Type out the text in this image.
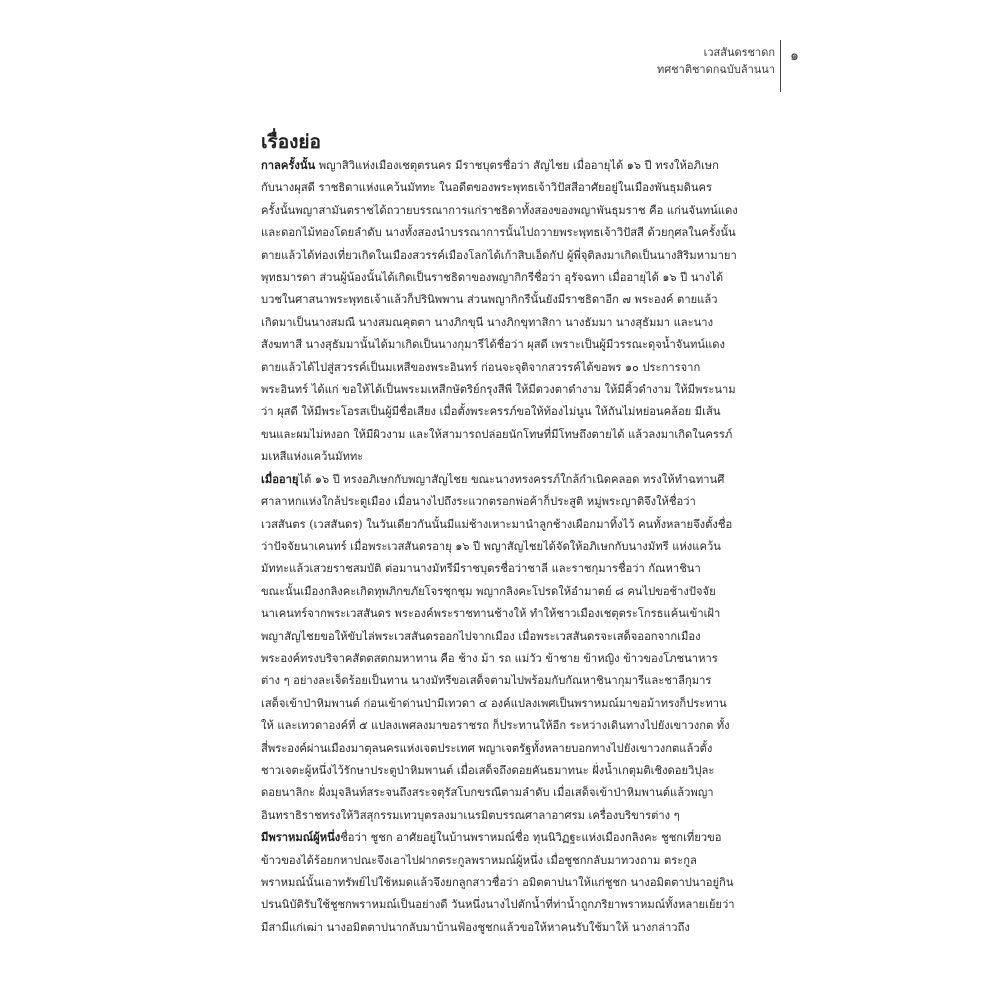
เวสสันดรชาดก
ทศชาติชาดกฉบับล้านนา
๑
เรื่องย่อ
กาลครั้งนั้น พญาสิวิแห่งเมืองเชตุตรนคร มีราชบุตรชื่อว่า สัญไชย เมื่ออายุได้ ๑๖ ปี ทรงให้อภิเษก
กับนางผุสดี ราชธิดาแห่งแคว้นมัททะ ในอดีตของพระพุทธเจ้าวิปัสสีอาศัยอยู่ในเมืองพันธุมดินคร
ครั้งนั้นพญาสามันตราชได้ถวายบรรณาการแก่ราชธิดาทั้งสองของพญาพันธุมราช คือ แก่นจันทน์แดง
และดอกไม้ทองโดยลำดับ นางทั้งสองนำบรรณาการนั้นไปถวายพระพุทธเจ้าวิปัสสี ด้วยกุศลในครั้งนั้น
ตายแล้วได้ท่องเที่ยวเกิดในเมืองสวรรค์เมืองโลกได้เก้าสิบเอ็ดกัป ผู้พี่จุติลงมาเกิดเป็นนางสิริมหามายา
พุทธมารดา ส่วนผู้น้องนั้นได้เกิดเป็นราชธิดาของพญากิกรีชื่อว่า อุรัจฉทา เมื่ออายุได้ ๑๖ ปี นางได้
บวชในศาสนาพระพุทธเจ้าแล้วก็ปรินิพพาน ส่วนพญากิกรีนั้นยังมีราชธิดาอีก ๗ พระองค์ ตายแล้ว
เกิดมาเป็นนางสมณี นางสมณคุตตา นางภิกขุนี นางภิกขุทาสิกา นางธัมมา นางสุธัมมา และนาง
สังฆทาสี นางสุธัมมานั้นได้มาเกิดเป็นนางกุมารีได้ชื่อว่า ผุสดี เพราะเป็นผู้มีวรรณะดุจน้ำจันทน์แดง
ตายแล้วได้ไปสู่สวรรค์เป็นมเหสีของพระอินทร์ ก่อนจะจุติจากสวรรค์ได้ขอพร ๑๐ ประการจาก
พระอินทร์ ได้แก่ ขอให้ได้เป็นพระมเหสีกษัตริย์กรุงสีพี ให้มีดวงตาดำงาม ให้มีคิ้วดำงาม ให้มีพระนาม
ว่า ผุสดี ให้มีพระโอรสเป็นผู้มีชื่อเสียง เมื่อตั้งพระครรภ์ขอให้ท้องไม่นูน ให้ถันไม่หย่อนคล้อย มีเส้น
ขนและผมไม่หงอก ให้มีผิวงาม และให้สามารถปล่อยนักโทษที่มีโทษถึงตายได้ แล้วลงมาเกิดในครรภ์
มเหสีแห่งแคว้นมัททะ
เมื่ออายุได้ ๑๖ ปี ทรงอภิเษกกับพญาสัญไชย ขณะนางทรงครรภ์ใกล้กำเนิดคลอด ทรงให้ทำฉทานศึ
ศาลาหกแห่งใกล้ประตูเมือง เมื่อนางไปถึงระแวกตรอกพ่อค้าก็ประสูติ หมู่พระญาติจึงให้ชื่อว่า
เวสสันตร (เวสสันดร) ในวันเดียวกันนั้นมีแม่ช้างเหาะมานำลูกช้างเผือกมาทิ้งไว้ คนทั้งหลายจึงตั้งชื่อ
ว่าปัจจัยนาเคนทร์ เมื่อพระเวสสันดรอายุ ๑๖ ปี พญาสัญไชยได้จัดให้อภิเษกกับนางมัทรี แห่งแคว้น
มัททะแล้วเสวยราชสมบัติ ต่อมานางมัทรีมีราชบุตรชื่อว่าชาลี และราชกุมารชื่อว่า กัณหาชินา
ขณะนั้นเมืองกลิงคะเกิดทุพภิกขภัยโจรชุกชุม พญากลิงคะโปรดให้อำมาตย์ ๘ คนไปขอช้างปัจจัย
นาเคนทร์จากพระเวสสันดร พระองค์พระราชทานช้างให้ ทำให้ชาวเมืองเชตุตระโกรธแค้นเข้าเฝ้า
พญาสัญไชยขอให้ขับไล่พระเวสสันดรออกไปจากเมือง เมื่อพระเวสสันดรจะเสด็จออกจากเมือง
พระองค์ทรงบริจาคสัตตสตกมหาทาน คือ ช้าง ม้า รถ แม่วัว ข้าชาย ข้าหญิง ข้าวของโภชนาหาร
ต่าง ๆ อย่างละเจ็ดร้อยเป็นทาน นางมัทรีขอเสด็จตามไปพร้อมกับกัณหาชินากุมารีและชาลีกุมาร
เสด็จเข้าป่าหิมพานต์ ก่อนเข้าด่านป่ามีเทวดา ๔ องค์แปลงเพศเป็นพราหมณ์มาขอม้าทรงก็ประทาน
ให้ และเทวดาองค์ที่ ๕ แปลงเพศลงมาขอราชรถ ก็ประทานให้อีก ระหว่างเดินทางไปยังเขาวงกต ทั้ง
สี่พระองค์ผ่านเมืองมาตุลนครแห่งเจตประเทศ พญาเจตรัฐทั้งหลายบอกทางไปยังเขาวงกตแล้วตั้ง
ชาวเจตะผู้หนึ่งไว้รักษาประตูป่าหิมพานต์ เมื่อเสด็จถึงดอยคันธมาทนะ ฝั่งน้ำเกตุมติเชิงดอยวิปุละ
ดอยนาลิกะ ฝั่งมุจลินท์สระจนถึงสระจตุรัสโบกขรณีตามลำดับ เมื่อเสด็จเข้าป่าหิมพานต์แล้วพญา
อินทราธิราชทรงให้วิสสุกรรมเทวบุตรลงมาเนรมิตบรรณศาลาอาศรม เครื่องบริขารต่าง ๆ
มีพราหมณ์ผู้หนึ่งชื่อว่า ชูชก อาศัยอยู่ในบ้านพราหมณ์ชื่อ ทุนนิวิฏฐะแห่งเมืองกลิงคะ ชูชกเที่ยวขอ
ข้าวของได้ร้อยกหาปณะจึงเอาไปฝากตระกูลพราหมณ์ผู้หนึ่ง เมื่อชูชกกลับมาทวงถาม ตระกูล
พราหมณ์นั้นเอาทรัพย์ไปใช้หมดแล้วจึงยกลูกสาวชื่อว่า อมิตตาปนาให้แก่ชูชก นางอมิตตาปนาอยู่กิน
ปรนนิบัติรับใช้ชูชกพราหมณ์เป็นอย่างดี วันหนึ่งนางไปตักน้ำที่ท่าน้ำถูกภริยาพราหมณ์ทั้งหลายเย้ยว่า
มีสามีแก่เฒ่า นางอมิตตาปนากลับมาบ้านฟ้องชูชกแล้วขอให้หาคนรับใช้มาให้ นางกล่าวถึง
